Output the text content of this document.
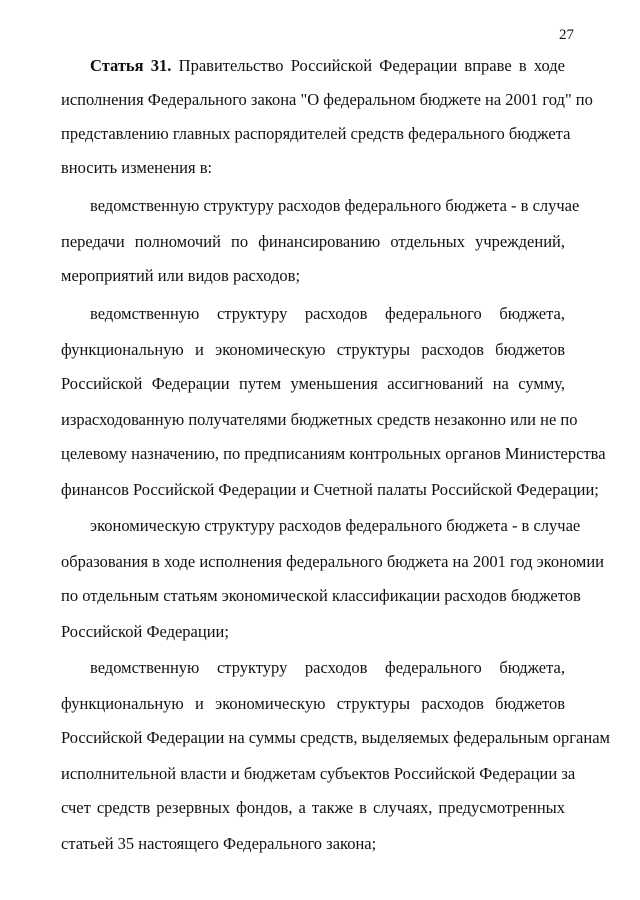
27
Статья 31. Правительство Российской Федерации вправе в ходе
исполнения Федерального закона "О федеральном бюджете на 2001 год" по
представлению главных распорядителей средств федерального бюджета
вносить изменения в:
ведомственную структуру расходов федерального бюджета - в случае
передачи полномочий по финансированию отдельных учреждений,
мероприятий или видов расходов;
ведомственную структуру расходов федерального бюджета,
функциональную и экономическую структуры расходов бюджетов
Российской Федерации путем уменьшения ассигнований на сумму,
израсходованную получателями бюджетных средств незаконно или не по
целевому назначению, по предписаниям контрольных органов Министерства
финансов Российской Федерации и Счетной палаты Российской Федерации;
экономическую структуру расходов федерального бюджета - в случае
образования в ходе исполнения федерального бюджета на 2001 год экономии
по отдельным статьям экономической классификации расходов бюджетов
Российской Федерации;
ведомственную структуру расходов федерального бюджета,
функциональную и экономическую структуры расходов бюджетов
Российской Федерации на суммы средств, выделяемых федеральным органам
исполнительной власти и бюджетам субъектов Российской Федерации за
счет средств резервных фондов, а также в случаях, предусмотренных
статьей 35 настоящего Федерального закона;
